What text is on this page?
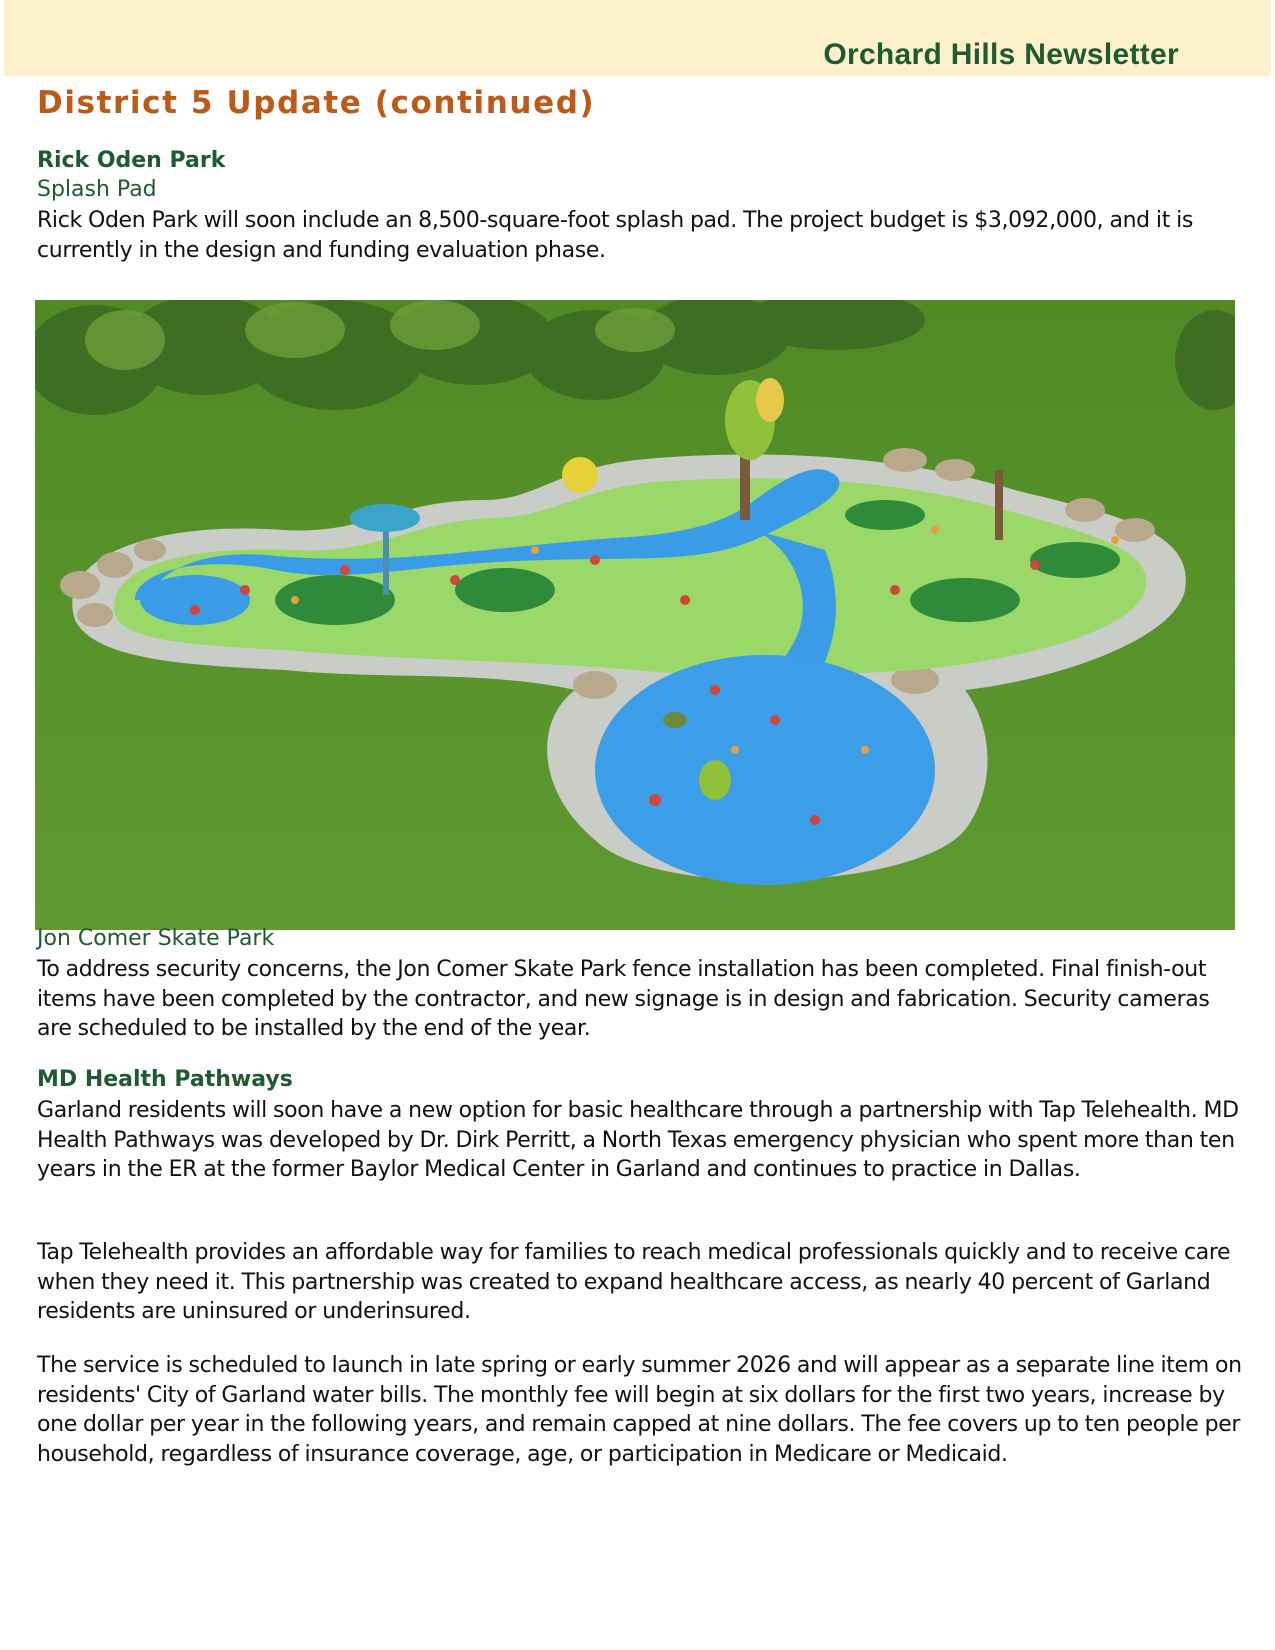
Orchard Hills Newsletter
District 5 Update (continued)
Rick Oden Park
Splash Pad

Rick Oden Park will soon include an 8,500-square-foot splash pad. The project budget is $3,092,000, and it is currently in the design and funding evaluation phase.

Jon Comer Skate Park

To address security concerns, the Jon Comer Skate Park fence installation has been completed. Final finish-out items have been completed by the contractor, and new signage is in design and fabrication. Security cameras are scheduled to be installed by the end of the year.

MD Health Pathways

Garland residents will soon have a new option for basic healthcare through a partnership with Tap Telehealth. MD Health Pathways was developed by Dr. Dirk Perritt, a North Texas emergency physician who spent more than ten years in the ER at the former Baylor Medical Center in Garland and continues to practice in Dallas.

Tap Telehealth provides an affordable way for families to reach medical professionals quickly and to receive care when they need it. This partnership was created to expand healthcare access, as nearly 40 percent of Garland residents are uninsured or underinsured.

The service is scheduled to launch in late spring or early summer 2026 and will appear as a separate line item on residents' City of Garland water bills. The monthly fee will begin at six dollars for the first two years, increase by one dollar per year in the following years, and remain capped at nine dollars. The fee covers up to ten people per household, regardless of insurance coverage, age, or participation in Medicare or Medicaid.
